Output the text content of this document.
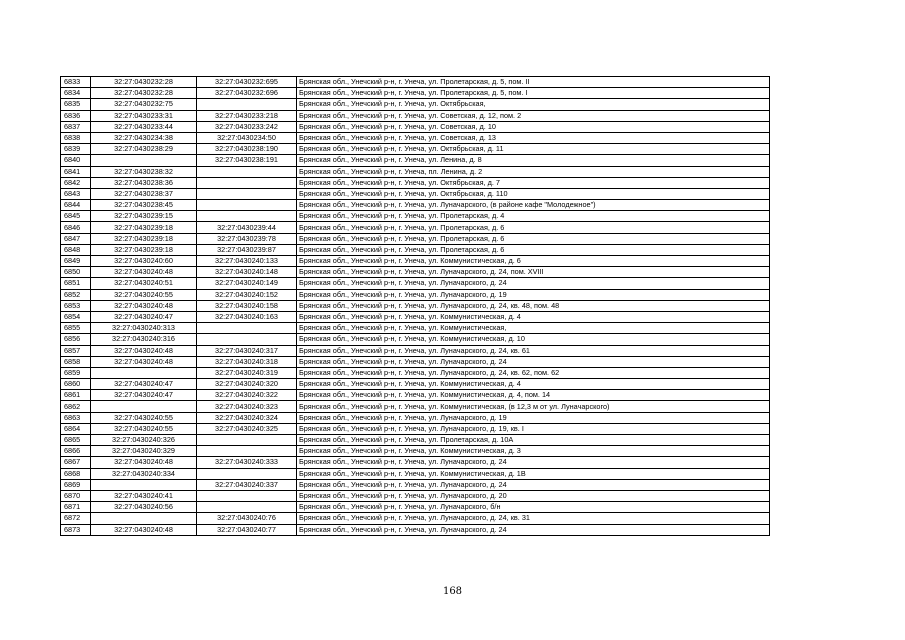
6833	32:27:0430232:28	32:27:0430232:695	Брянская обл., Унечский р-н, г. Унеча, ул. Пролетарская, д. 5, пом. II
6834	32:27:0430232:28	32:27:0430232:696	Брянская обл., Унечский р-н, г. Унеча, ул. Пролетарская, д. 5, пом. I
6835	32:27:0430232:75		Брянская обл., Унечский р-н, г. Унеча, ул. Октябрьская,
6836	32:27:0430233:31	32:27:0430233:218	Брянская обл., Унечский р-н, г. Унеча, ул. Советская, д. 12, пом. 2
6837	32:27:0430233:44	32:27:0430233:242	Брянская обл., Унечский р-н, г. Унеча, ул. Советская, д. 10
6838	32:27:0430234:38	32:27:0430234:50	Брянская обл., Унечский р-н, г. Унеча, ул. Советская, д. 13
6839	32:27:0430238:29	32:27:0430238:190	Брянская обл., Унечский р-н, г. Унеча, ул. Октябрьская, д. 11
6840		32:27:0430238:191	Брянская обл., Унечский р-н, г. Унеча, ул. Ленина, д. 8
6841	32:27:0430238:32		Брянская обл., Унечский р-н, г. Унеча, пл. Ленина, д. 2
6842	32:27:0430238:36		Брянская обл., Унечский р-н, г. Унеча, ул. Октябрьская, д. 7
6843	32:27:0430238:37		Брянская обл., Унечский р-н, г. Унеча, ул. Октябрьская, д. 110
6844	32:27:0430238:45		Брянская обл., Унечский р-н, г. Унеча, ул. Луначарского, (в районе кафе "Молодежное")
6845	32:27:0430239:15		Брянская обл., Унечский р-н, г. Унеча, ул. Пролетарская, д. 4
6846	32:27:0430239:18	32:27:0430239:44	Брянская обл., Унечский р-н, г. Унеча, ул. Пролетарская, д. 6
6847	32:27:0430239:18	32:27:0430239:78	Брянская обл., Унечский р-н, г. Унеча, ул. Пролетарская, д. 6
6848	32:27:0430239:18	32:27:0430239:87	Брянская обл., Унечский р-н, г. Унеча, ул. Пролетарская, д. 6
6849	32:27:0430240:60	32:27:0430240:133	Брянская обл., Унечский р-н, г. Унеча, ул. Коммунистическая, д. 6
6850	32:27:0430240:48	32:27:0430240:148	Брянская обл., Унечский р-н, г. Унеча, ул. Луначарского, д. 24, пом. XVIII
6851	32:27:0430240:51	32:27:0430240:149	Брянская обл., Унечский р-н, г. Унеча, ул. Луначарского, д. 24
6852	32:27:0430240:55	32:27:0430240:152	Брянская обл., Унечский р-н, г. Унеча, ул. Луначарского, д. 19
6853	32:27:0430240:48	32:27:0430240:158	Брянская обл., Унечский р-н, г. Унеча, ул. Луначарского, д. 24, кв. 48, пом. 48
6854	32:27:0430240:47	32:27:0430240:163	Брянская обл., Унечский р-н, г. Унеча, ул. Коммунистическая, д. 4
6855	32:27:0430240:313		Брянская обл., Унечский р-н, г. Унеча, ул. Коммунистическая,
6856	32:27:0430240:316		Брянская обл., Унечский р-н, г. Унеча, ул. Коммунистическая, д. 10
6857	32:27:0430240:48	32:27:0430240:317	Брянская обл., Унечский р-н, г. Унеча, ул. Луначарского, д. 24, кв. 61
6858	32:27:0430240:48	32:27:0430240:318	Брянская обл., Унечский р-н, г. Унеча, ул. Луначарского, д. 24
6859		32:27:0430240:319	Брянская обл., Унечский р-н, г. Унеча, ул. Луначарского, д. 24, кв. 62, пом. 62
6860	32:27:0430240:47	32:27:0430240:320	Брянская обл., Унечский р-н, г. Унеча, ул. Коммунистическая, д. 4
6861	32:27:0430240:47	32:27:0430240:322	Брянская обл., Унечский р-н, г. Унеча, ул. Коммунистическая, д. 4, пом. 14
6862		32:27:0430240:323	Брянская обл., Унечский р-н, г. Унеча, ул. Коммунистическая, (в 12,3 м от ул. Луначарского)
6863	32:27:0430240:55	32:27:0430240:324	Брянская обл., Унечский р-н, г. Унеча, ул. Луначарского, д. 19
6864	32:27:0430240:55	32:27:0430240:325	Брянская обл., Унечский р-н, г. Унеча, ул. Луначарского, д. 19, кв. I
6865	32:27:0430240:326		Брянская обл., Унечский р-н, г. Унеча, ул. Пролетарская, д. 10А
6866	32:27:0430240:329		Брянская обл., Унечский р-н, г. Унеча, ул. Коммунистическая, д. 3
6867	32:27:0430240:48	32:27:0430240:333	Брянская обл., Унечский р-н, г. Унеча, ул. Луначарского, д. 24
6868	32:27:0430240:334		Брянская обл., Унечский р-н, г. Унеча, ул. Коммунистическая, д. 1В
6869		32:27:0430240:337	Брянская обл., Унечский р-н, г. Унеча, ул. Луначарского, д. 24
6870	32:27:0430240:41		Брянская обл., Унечский р-н, г. Унеча, ул. Луначарского, д. 20
6871	32:27:0430240:56		Брянская обл., Унечский р-н, г. Унеча, ул. Луначарского, б/н
6872		32:27:0430240:76	Брянская обл., Унечский р-н, г. Унеча, ул. Луначарского, д. 24, кв. 31
6873	32:27:0430240:48	32:27:0430240:77	Брянская обл., Унечский р-н, г. Унеча, ул. Луначарского, д. 24
168
